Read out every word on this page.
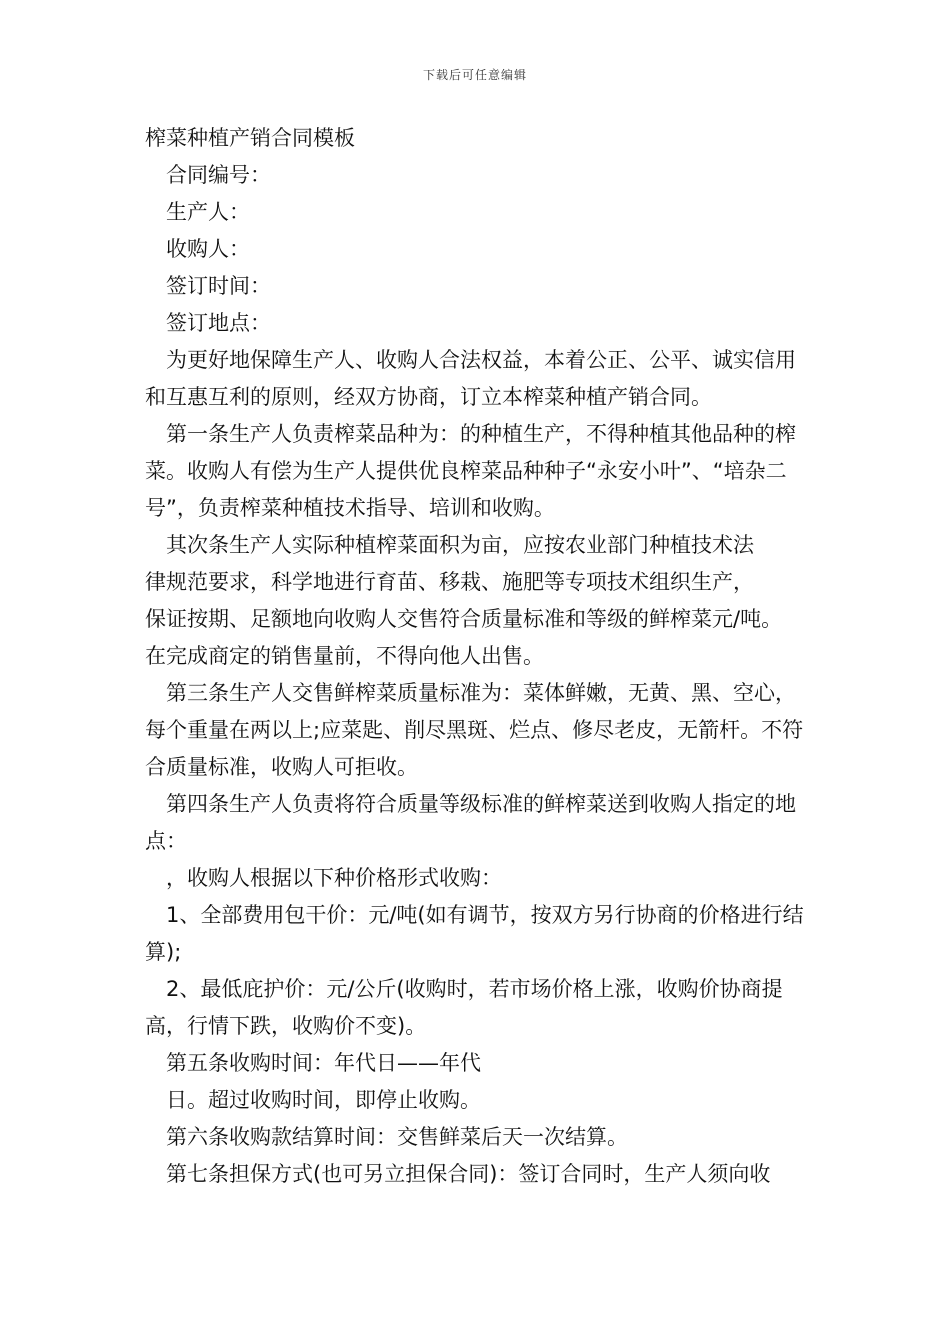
下载后可任意编辑

榨菜种植产销合同模板

合同编号：

生产人：

收购人：

签订时间：

签订地点：

为更好地保障生产人、收购人合法权益，本着公正、公平、诚实信用和互惠互利的原则，经双方协商，订立本榨菜种植产销合同。

第一条生产人负责榨菜品种为：的种植生产，不得种植其他品种的榨菜。收购人有偿为生产人提供优良榨菜品种种子“永安小叶”、“培杂二号”，负责榨菜种植技术指导、培训和收购。

其次条生产人实际种植榨菜面积为亩，应按农业部门种植技术法

律规范要求，科学地进行育苗、移栽、施肥等专项技术组织生产，

保证按期、足额地向收购人交售符合质量标准和等级的鲜榨菜元/吨。

在完成商定的销售量前，不得向他人出售。

第三条生产人交售鲜榨菜质量标准为：菜体鲜嫩，无黄、黑、空心，每个重量在两以上;应菜匙、削尽黑斑、烂点、修尽老皮，无箭杆。不符合质量标准，收购人可拒收。

第四条生产人负责将符合质量等级标准的鲜榨菜送到收购人指定的地点：

，收购人根据以下种价格形式收购：

1、全部费用包干价：元/吨(如有调节，按双方另行协商的价格进行结算);

2、最低庇护价：元/公斤(收购时，若市场价格上涨，收购价协商提高，行情下跌，收购价不变)。

第五条收购时间：年代日——年代

日。超过收购时间，即停止收购。

第六条收购款结算时间：交售鲜菜后天一次结算。

第七条担保方式(也可另立担保合同)：签订合同时，生产人须向收
